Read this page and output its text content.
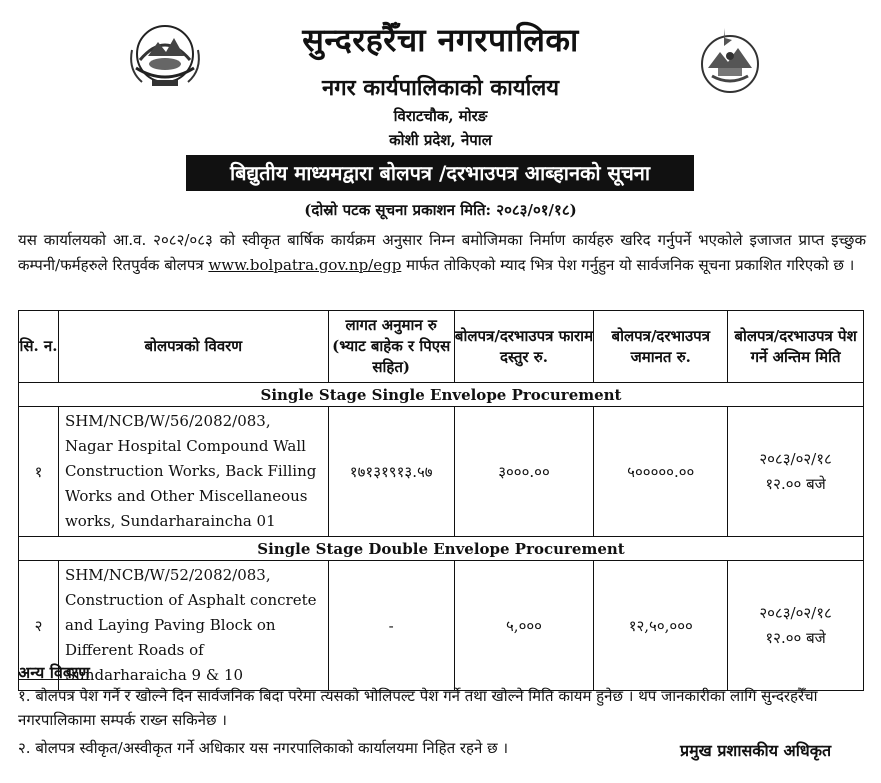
सुन्दरहरैँचा नगरपालिका
नगर कार्यपालिकाको कार्यालय
विराटचौक, मोरङ
कोशी प्रदेश, नेपाल
बिद्युतीय माध्यमद्वारा बोलपत्र /दरभाउपत्र आब्हानको सूचना
(दोस्रो पटक सूचना प्रकाशन मिति: २०८३/०१/१८)
यस कार्यालयको आ.व. २०८२/०८३ को स्वीकृत बार्षिक कार्यक्रम अनुसार निम्न बमोजिमका निर्माण कार्यहरु खरिद गर्नुपर्ने भएकोले इजाजत प्राप्त इच्छुक कम्पनी/फर्महरुले रितपुर्वक बोलपत्र www.bolpatra.gov.np/egp मार्फत तोकिएको म्याद भित्र पेश गर्नुहुन यो सार्वजनिक सूचना प्रकाशित गरिएको छ ।
सि. न.	बोलपत्रको विवरण	लागत अनुमान रु (भ्याट बाहेक र पिएस सहित)	बोलपत्र/दरभाउपत्र फाराम दस्तुर रु.	बोलपत्र/दरभाउपत्र जमानत रु.	बोलपत्र/दरभाउपत्र पेश गर्ने अन्तिम मिति
Single Stage Single Envelope Procurement					
१	SHM/NCB/W/56/2082/083, Nagar Hospital Compound Wall Construction Works, Back Filling Works and Other Miscellaneous works, Sundarharaincha 01	१७१३१९१३.५७	३०००.००	५०००००.००	२०८३/०२/१८
१२.०० बजे

Single Stage Double Envelope Procurement					
२	SHM/NCB/W/52/2082/083, Construction of Asphalt concrete and Laying Paving Block on Different Roads of Sundarharaicha 9 & 10	-	५,०००	१२,५०,०००	२०८३/०२/१८
१२.०० बजे
अन्य विवरण
१. बोलपत्र पेश गर्ने र खोल्ने दिन सार्वजनिक बिदा परेमा त्यसको भोलिपल्ट पेश गर्ने तथा खोल्ने मिति कायम हुनेछ । थप जानकारीका लागि सुन्दरहरैँचा नगरपालिकामा सम्पर्क राख्न सकिनेछ ।
२. बोलपत्र स्वीकृत/अस्वीकृत गर्ने अधिकार यस नगरपालिकाको कार्यालयमा निहित रहने छ ।	प्रमुख प्रशासकीय अधिकृत
